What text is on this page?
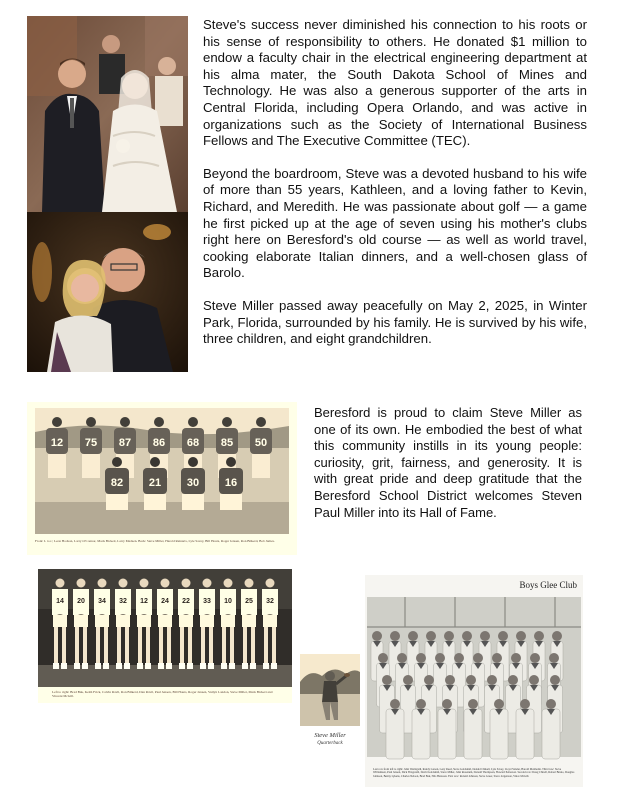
Steve's success never diminished his connection to his roots or his sense of responsibility to others. He donated $1 million to endow a faculty chair in the electrical engineering department at his alma mater, the South Dakota School of Mines and Technology. He was also a generous supporter of the arts in Central Florida, including Opera Orlando, and was active in organizations such as the Society of International Business Fellows and The Executive Committee (TEC).

Beyond the boardroom, Steve was a devoted husband to his wife of more than 55 years, Kathleen, and a loving father to Kevin, Richard, and Meredith. He was passionate about golf — a game he first picked up at the age of seven using his mother's clubs right here on Beresford's old course — as well as world travel, cooking elaborate Italian dinners, and a well-chosen glass of Barolo.

Steve Miller passed away peacefully on May 2, 2025, in Winter Park, Florida, surrounded by his family. He is survived by his wife, three children, and eight grandchildren.

12 75 87 86 68 85 50
82 21 30 16
Front: L to r.; Leon Hodson, Larry O'Connor, Mack Bickett, Larry Madsen. Back: Steve Miller, Harold Reinarts, Lyle Savey, Bill Houts, Roger Jensen, Ron Bilkerd, Bob James.

Beresford is proud to claim Steve Miller as one of its own. He embodied the best of what this community instills in its young people: curiosity, grit, fairness, and generosity. It is with great pride and deep gratitude that the Beresford School District welcomes Steven Paul Miller into its Hall of Fame.

14 20 34 32 12 24 22 33 10 25 32
Left to right: Brad Bak, Keith Frick, Calvin Ravil, Ron Bilkerd, Dan Ravil, Paul Jensen, Bill Houts, Roger Jensen, Vuilyn Landon, Steve Miller, Mark Bickert and Vincent McGill.
Steve Miller
Quarterback
Boys Glee Club
Last row from left to right: John Wernigstil, Randy Larsen, Gary Reed, Steve Goldsmid, Donald Chikell, Lyle Savey, Lloyd Vander, Harold Molmetin. Third row: Steve Williamsen, Paul Jensen, Dick Fitzgerald, David Goldsmid, Steve Miller, John Rosenum, Donald Thompson, Howard Petterson. Second row: Doug Chirell, Robert Bruno, Douglas Johnson, Benny Lykens, Charles Nelson, Brad Bak, Nils Hansson. First row: Ronald Johnson, Steve Greer, Steve Jorgenson, Vince McGill.
